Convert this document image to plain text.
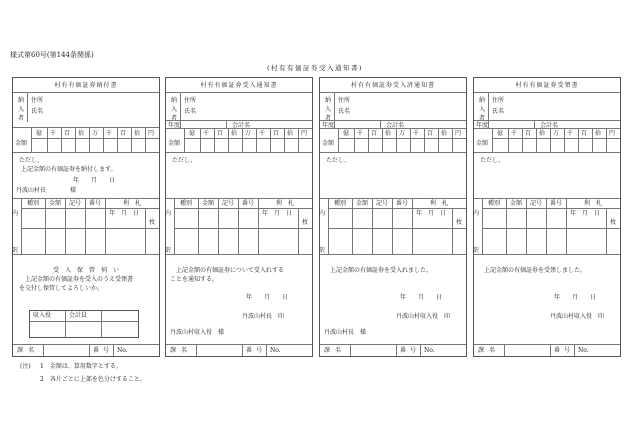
様式第60号(第144条関係)
(村有有価証券受入通知書)
村有有価証券納付書
納入者
住所
氏名
金額
億 千 百 拾 万 千 百 拾 円
ただし、
上記金額の有価証券を納付します。
年　　月　　日
丹波山村長　　　　様
内
訳
種別	金額	記号	番号	利　札
年　月　日
枚
受　入　保　管　伺　い
上記金額の有価証券を受入のうえ受領書
を交付し保管してよろしいか。
収入役	会計員
課名	番号 No.
村有有価証券受入通知書
納入者
住所
氏名
年度	会計名
金額
億 千 百 拾 万 千 百 拾 円
ただし、
内
訳
種別	金額	記号	番号	利　札
年　月　日
枚
上記金額の有価証券について受入れする
ことを通知する。
年　　月　　日
丹波山村長　印
丹波山村収入役　様
課名	番号 No.
村有有価証券受入済通知書
納入者
住所
氏名
年度	会計名
金額
億 千 百 拾 万 千 百 拾 円
ただし、
内
訳
種別	金額	記号	番号	利　札
年　月　日
枚
上記金額の有価証券を受入れました。
年　　月　　日
丹波山村収入役　印
丹波山村長　様
課名	番号 No.
村有有価証券受領書
納入者
住所
氏名
年度	会計名
金額
億 千 百 拾 万 千 百 拾 円
ただし、
内
訳
種別	金額	記号	番号	利　札
年　月　日
枚
上記金額の有価証券を受領しました。
年　　月　　日
丹波山村収入役　印
課名	番号 No.
(注) 1　金額は、算用数字とする。
2　各片ごとに上部を色分けすること。
